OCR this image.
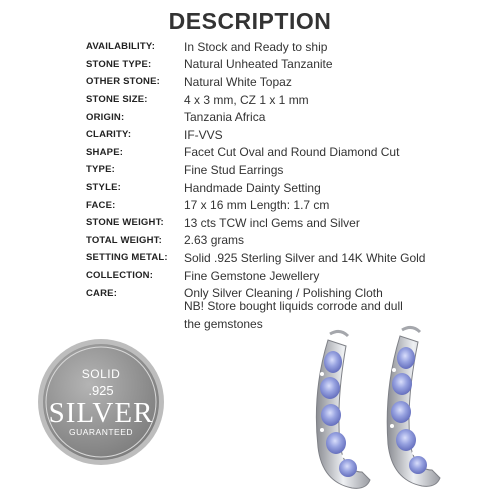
DESCRIPTION
AVAILABILITY:	In Stock and Ready to ship
STONE TYPE:	Natural Unheated Tanzanite
OTHER STONE:	Natural White Topaz
STONE SIZE:	4 x 3 mm, CZ 1 x 1 mm
ORIGIN:	Tanzania Africa
CLARITY:	IF-VVS
SHAPE:	Facet Cut Oval and Round Diamond Cut
TYPE:	Fine Stud Earrings
STYLE:	Handmade Dainty Setting
FACE:	17 x 16 mm Length: 1.7 cm
STONE WEIGHT:	13 cts TCW incl Gems and Silver
TOTAL WEIGHT:	2.63 grams
SETTING METAL:	Solid .925 Sterling Silver and 14K White Gold
COLLECTION:	Fine Gemstone Jewellery
CARE:	Only Silver Cleaning / Polishing Cloth
NB! Store bought liquids corrode and dull
the gemstones
SOLID
.925
SILVER
GUARANTEED
